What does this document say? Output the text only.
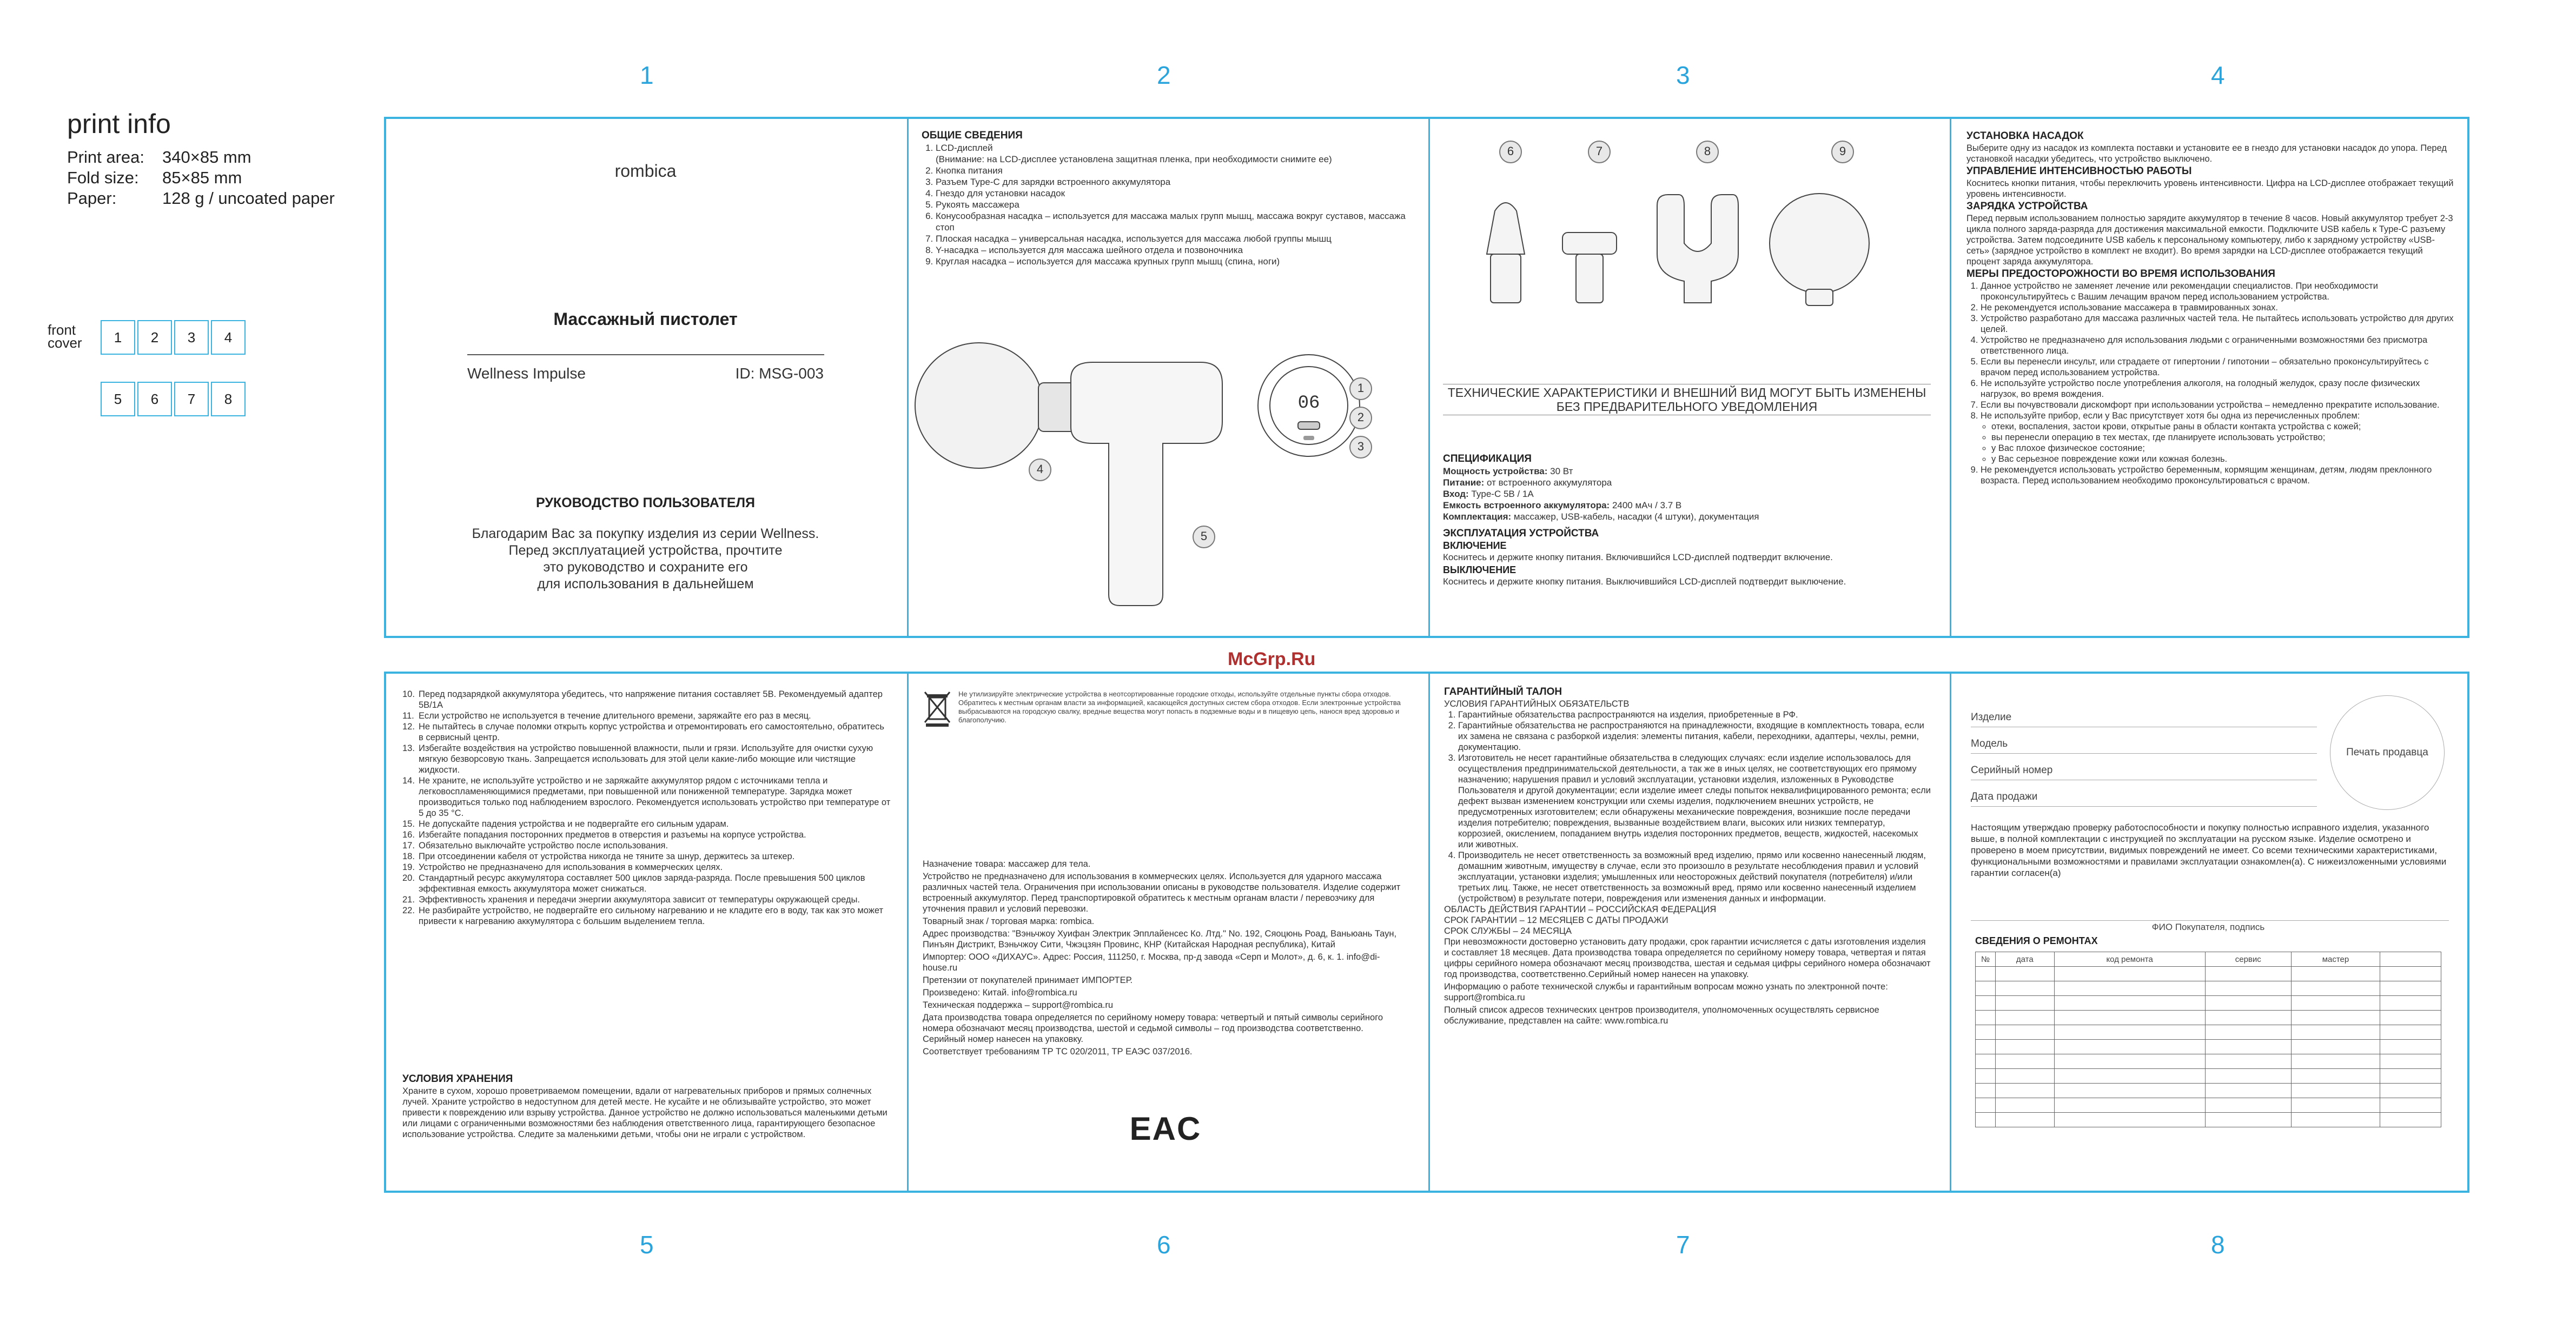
1	2	3	4
5	6	7	8
print info
Print area: 340×85 mm
Fold size: 85×85 mm
Paper:	128 g / uncoated paper
front cover	1	2	3	4
5	6	7	8
McGrp.Ru
rombica
Массажный пистолет
Wellness Impulse	ID: MSG-003
РУКОВОДСТВО ПОЛЬЗОВАТЕЛЯ
Благодарим Вас за покупку изделия из серии Wellness.
Перед эксплуатацией устройства, прочтите
это руководство и сохраните его
для использования в дальнейшем
ОБЩИЕ СВЕДЕНИЯ
1. LCD-дисплей
(Внимание: на LCD-дисплее установлена защитная пленка, при необходимости снимите ее)
2. Кнопка питания
3. Разъем Type-C для зарядки встроенного аккумулятора
4. Гнездо для установки насадок
5. Рукоять массажера
6. Конусообразная насадка – используется для массажа малых групп мышц, массажа вокруг суставов, массажа стоп
7. Плоская насадка – универсальная насадка, используется для массажа любой группы мышц
8. Y-насадка – используется для массажа шейного отдела и позвоночника
9. Круглая насадка – используется для массажа крупных групп мышц (спина, ноги)
06
1
2
3
4
5
6	7	8	9
ТЕХНИЧЕСКИЕ ХАРАКТЕРИСТИКИ И ВНЕШНИЙ ВИД МОГУТ БЫТЬ ИЗМЕНЕНЫ
БЕЗ ПРЕДВАРИТЕЛЬНОГО УВЕДОМЛЕНИЯ
СПЕЦИФИКАЦИЯ
Мощность устройства: 30 Вт
Питание: от встроенного аккумулятора
Вход: Type-C 5В / 1А
Емкость встроенного аккумулятора: 2400 мАч / 3.7 В
Комплектация: массажер, USB-кабель, насадки (4 штуки), документация
ЭКСПЛУАТАЦИЯ УСТРОЙСТВА
ВКЛЮЧЕНИЕ

Коснитесь и держите кнопку питания. Включившийся LCD-дисплей подтвердит включение.

ВЫКЛЮЧЕНИЕ

Коснитесь и держите кнопку питания. Выключившийся LCD-дисплей подтвердит выключение.

УСТАНОВКА НАСАДОК

Выберите одну из насадок из комплекта поставки и установите ее в гнездо для установки насадок до упора. Перед установкой насадки убедитесь, что устройство выключено.

УПРАВЛЕНИЕ ИНТЕНСИВНОСТЬЮ РАБОТЫ

Коснитесь кнопки питания, чтобы переключить уровень интенсивности. Цифра на LCD-дисплее отображает текущий уровень интенсивности.

ЗАРЯДКА УСТРОЙСТВА

Перед первым использованием полностью зарядите аккумулятор в течение 8 часов. Новый аккумулятор требует 2-3 цикла полного заряда-разряда для достижения максимальной емкости. Подключите USB кабель к Type-C разъему устройства. Затем подсоедините USB кабель к персональному компьютеру, либо к зарядному устройству «USB-сеть» (зарядное устройство в комплект не входит). Во время зарядки на LCD-дисплее отображается текущий процент заряда аккумулятора.

МЕРЫ ПРЕДОСТОРОЖНОСТИ ВО ВРЕМЯ ИСПОЛЬЗОВАНИЯ
1. Данное устройство не заменяет лечение или рекомендации специалистов. При необходимости проконсультируйтесь с Вашим лечащим врачом перед использованием устройства.
2. Не рекомендуется использование массажера в травмированных зонах.
3. Устройство разработано для массажа различных частей тела. Не пытайтесь использовать устройство для других целей.
4. Устройство не предназначено для использования людьми с ограниченными возможностями без присмотра ответственного лица.
5. Если вы перенесли инсульт, или страдаете от гипертонии / гипотонии – обязательно проконсультируйтесь с врачом перед использованием устройства.
6. Не используйте устройство после употребления алкоголя, на голодный желудок, сразу после физических нагрузок, во время вождения.
7. Если вы почувствовали дискомфорт при использовании устройства – немедленно прекратите использование.
8. Не используйте прибор, если у Вас присутствует хотя бы одна из перечисленных проблем:
◦ отеки, воспаления, застои крови, открытые раны в области контакта устройства с кожей;
◦ вы перенесли операцию в тех местах, где планируете использовать устройство;
◦ у Вас плохое физическое состояние;
◦ у Вас серьезное повреждение кожи или кожная болезнь.
9. Не рекомендуется использовать устройство беременным, кормящим женщинам, детям, людям преклонного возраста. Перед использованием необходимо проконсультироваться с врачом.
10. Перед подзарядкой аккумулятора убедитесь, что напряжение питания составляет 5В. Рекомендуемый адаптер 5В/1А
11. Если устройство не используется в течение длительного времени, заряжайте его раз в месяц.
12. Не пытайтесь в случае поломки открыть корпус устройства и отремонтировать его самостоятельно, обратитесь в сервисный центр.
13. Избегайте воздействия на устройство повышенной влажности, пыли и грязи. Используйте для очистки сухую мягкую безворсовую ткань. Запрещается использовать для этой цели какие-либо моющие или чистящие жидкости.
14. Не храните, не используйте устройство и не заряжайте аккумулятор рядом с источниками тепла и легковоспламеняющимися предметами, при повышенной или пониженной температуре. Зарядка может производиться только под наблюдением взрослого. Рекомендуется использовать устройство при температуре от 5 до 35 °С.
15. Не допускайте падения устройства и не подвергайте его сильным ударам.
16. Избегайте попадания посторонних предметов в отверстия и разъемы на корпусе устройства.
17. Обязательно выключайте устройство после использования.
18. При отсоединении кабеля от устройства никогда не тяните за шнур, держитесь за штекер.
19. Устройство не предназначено для использования в коммерческих целях.
20. Стандартный ресурс аккумулятора составляет 500 циклов заряда-разряда. После превышения 500 циклов эффективная емкость аккумулятора может снижаться.
21. Эффективность хранения и передачи энергии аккумулятора зависит от температуры окружающей среды.
22. Не разбирайте устройство, не подвергайте его сильному нагреванию и не кладите его в воду, так как это может привести к нагреванию аккумулятора с большим выделением тепла.
УСЛОВИЯ ХРАНЕНИЯ

Храните в сухом, хорошо проветриваемом помещении, вдали от нагревательных приборов и прямых солнечных лучей. Храните устройство в недоступном для детей месте. Не кусайте и не облизывайте устройство, это может привести к повреждению или взрыву устройства. Данное устройство не должно использоваться маленькими детьми или лицами с ограниченными возможностями без наблюдения ответственного лица, гарантирующего безопасное использование устройства. Следите за маленькими детьми, чтобы они не играли с устройством.

Не утилизируйте электрические устройства в неотсортированные городские отходы, используйте отдельные пункты сбора отходов. Обратитесь к местным органам власти за информацией, касающейся доступных систем сбора отходов. Если электронные устройства выбрасываются на городскую свалку, вредные вещества могут попасть в подземные воды и в пищевую цепь, нанося вред здоровью и благополучию.

Назначение товара: массажер для тела.

Устройство не предназначено для использования в коммерческих целях. Используется для ударного массажа различных частей тела. Ограничения при использовании описаны в руководстве пользователя. Изделие содержит встроенный аккумулятор. Перед транспортировкой обратитесь к местным органам власти / перевозчику для уточнения правил и условий перевозки.

Товарный знак / торговая марка: rombica.

Адрес производства: "Вэньчжоу Хуифан Электрик Эпплайенсес Ко. Лтд." No. 192, Сяоцюнь Роад, Ваньюань Таун, Пинъян Дистрикт, Вэньчжоу Сити, Чжэцзян Провинс, КНР (Китайская Народная республика), Китай

Импортер: ООО «ДИХАУС». Адрес: Россия, 111250, г. Москва, пр-д завода «Серп и Молот», д. 6, к. 1. info@di-house.ru

Претензии от покупателей принимает ИМПОРТЕР.

Произведено: Китай. info@rombica.ru

Техническая поддержка – support@rombica.ru

Дата производства товара определяется по серийному номеру товара: четвертый и пятый символы серийного номера обозначают месяц производства, шестой и седьмой символы – год производства соответственно. Серийный номер нанесен на упаковку.

Соответствует требованиям ТР ТС 020/2011, ТР ЕАЭС 037/2016.

EAC
ГАРАНТИЙНЫЙ ТАЛОН
УСЛОВИЯ ГАРАНТИЙНЫХ ОБЯЗАТЕЛЬСТВ
1. Гарантийные обязательства распространяются на изделия, приобретенные в РФ.
2. Гарантийные обязательства не распространяются на принадлежности, входящие в комплектность товара, если их замена не связана с разборкой изделия: элементы питания, кабели, переходники, адаптеры, чехлы, ремни, документацию.
3. Изготовитель не несет гарантийные обязательства в следующих случаях: если изделие использовалось для осуществления предпринимательской деятельности, а так же в иных целях, не соответствующих его прямому назначению; нарушения правил и условий эксплуатации, установки изделия, изложенных в Руководстве Пользователя и другой документации; если изделие имеет следы попыток неквалифицированного ремонта; если дефект вызван изменением конструкции или схемы изделия, подключением внешних устройств, не предусмотренных изготовителем; если обнаружены механические повреждения, возникшие после передачи изделия потребителю; повреждения, вызванные воздействием влаги, высоких или низких температур, коррозией, окислением, попаданием внутрь изделия посторонних предметов, веществ, жидкостей, насекомых или животных.
4. Производитель не несет ответственность за возможный вред изделию, прямо или косвенно нанесенный людям, домашним животным, имуществу в случае, если это произошло в результате несоблюдения правил и условий эксплуатации, установки изделия; умышленных или неосторожных действий покупателя (потребителя) и/или третьих лиц. Также, не несет ответственность за возможный вред, прямо или косвенно нанесенный изделием (устройством) в результате потери, повреждения или изменения данных и информации.
ОБЛАСТЬ ДЕЙСТВИЯ ГАРАНТИИ – РОССИЙСКАЯ ФЕДЕРАЦИЯ
СРОК ГАРАНТИИ – 12 МЕСЯЦЕВ С ДАТЫ ПРОДАЖИ
СРОК СЛУЖБЫ – 24 МЕСЯЦА

При невозможности достоверно установить дату продажи, срок гарантии исчисляется с даты изготовления изделия и составляет 18 месяцев. Дата производства товара определяется по серийному номеру товара, четвертая и пятая цифры серийного номера обозначают месяц производства, шестая и седьмая цифры серийного номера обозначают год производства, соответственно.Серийный номер нанесен на упаковку.

Информацию о работе технической службы и гарантийным вопросам можно узнать по электронной почте: support@rombica.ru

Полный список адресов технических центров производителя, уполномоченных осуществлять сервисное обслуживание, представлен на сайте: www.rombica.ru

Изделие
Модель
Серийный номер
Дата продажи
Печать продавца

Настоящим утверждаю проверку работоспособности и покупку полностью исправного изделия, указанного выше, в полной комплектации с инструкцией по эксплуатации на русском языке. Изделие осмотрено и проверено в моем присутствии, видимых повреждений не имеет. Со всеми техническими характеристиками, функциональными возможностями и правилами эксплуатации ознакомлен(а). С нижеизложенными условиями гарантии согласен(а)

ФИО Покупателя, подпись
СВЕДЕНИЯ О РЕМОНТАХ
№	дата	код ремонта	сервис	мастер	
